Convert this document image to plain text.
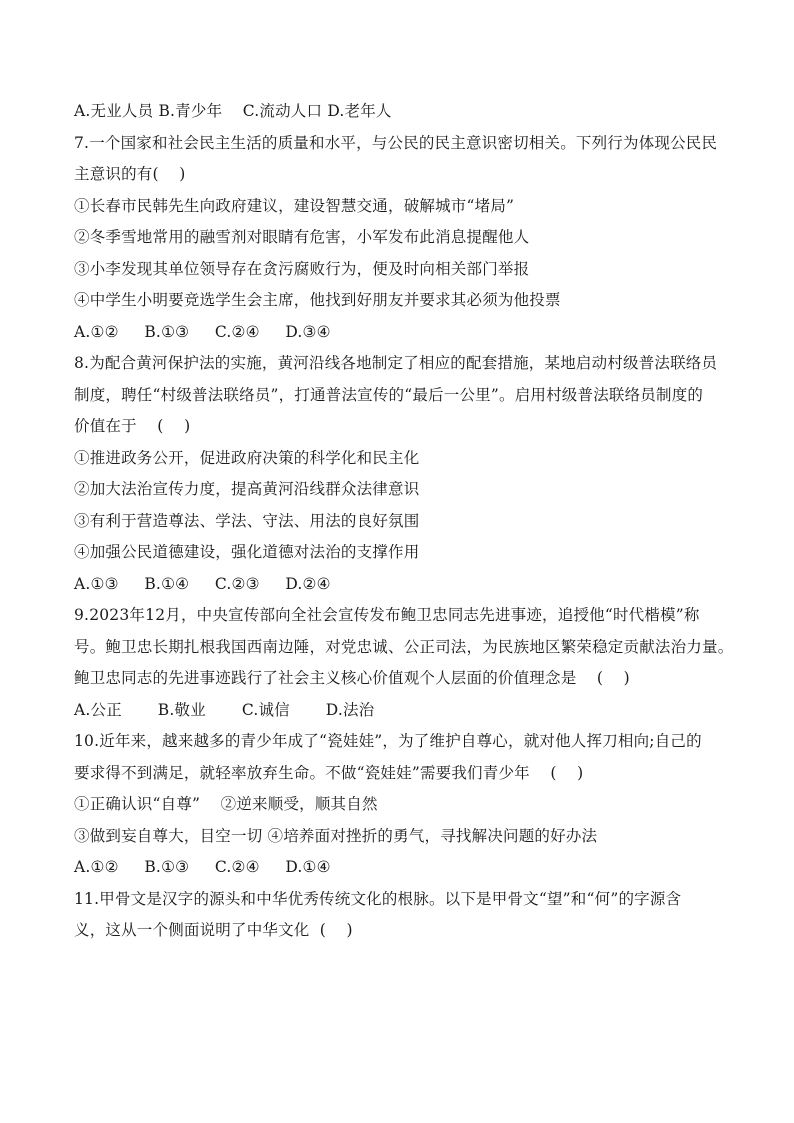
A.无业人员 B.青少年    C.流动人口 D.老年人
7.一个国家和社会民主生活的质量和水平，与公民的民主意识密切相关。下列行为体现公民民
主意识的有(    )
①长春市民韩先生向政府建议，建设智慧交通，破解城市“堵局”
②冬季雪地常用的融雪剂对眼睛有危害，小军发布此消息提醒他人
③小李发现其单位领导存在贪污腐败行为，便及时向相关部门举报
④中学生小明要竞选学生会主席，他找到好朋友并要求其必须为他投票
A.①②     B.①③     C.②④     D.③④
8.为配合黄河保护法的实施，黄河沿线各地制定了相应的配套措施，某地启动村级普法联络员
制度，聘任“村级普法联络员”，打通普法宣传的“最后一公里”。启用村级普法联络员制度的
价值在于    (    )
①推进政务公开，促进政府决策的科学化和民主化
②加大法治宣传力度，提高黄河沿线群众法律意识
③有利于营造尊法、学法、守法、用法的良好氛围
④加强公民道德建设，强化道德对法治的支撑作用
A.①③     B.①④     C.②③     D.②④
9.2023年12月，中央宣传部向全社会宣传发布鲍卫忠同志先进事迹，追授他“时代楷模”称
号。鲍卫忠长期扎根我国西南边陲，对党忠诚、公正司法，为民族地区繁荣稳定贡献法治力量。
鲍卫忠同志的先进事迹践行了社会主义核心价值观个人层面的价值理念是    (    )
A.公正       B.敬业       C.诚信       D.法治
10.近年来，越来越多的青少年成了“瓷娃娃”，为了维护自尊心，就对他人挥刀相向;自己的
要求得不到满足，就轻率放弃生命。不做“瓷娃娃”需要我们青少年    (    )
①正确认识“自尊”    ②逆来顺受，顺其自然
③做到妄自尊大，目空一切 ④培养面对挫折的勇气，寻找解决问题的好办法
A.①②     B.①③     C.②④     D.①④
11.甲骨文是汉字的源头和中华优秀传统文化的根脉。以下是甲骨文“望”和“何”的字源含
义，这从一个侧面说明了中华文化  (    )
